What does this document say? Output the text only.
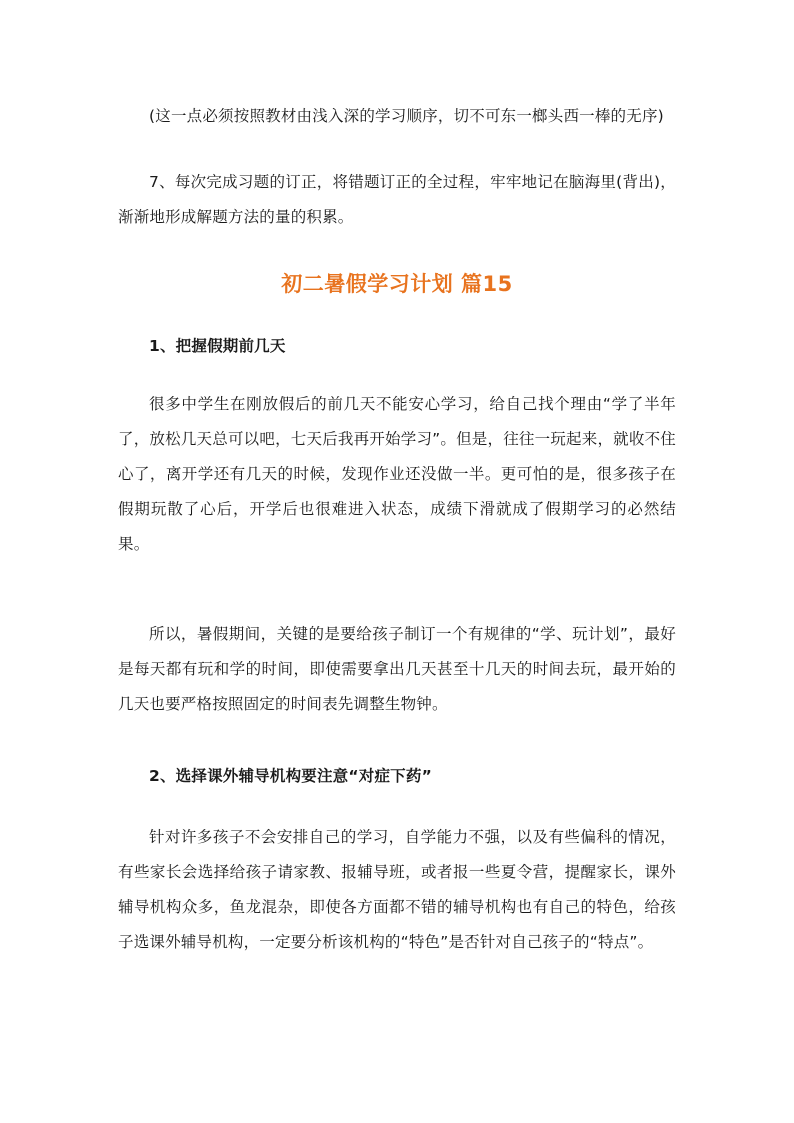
(这一点必须按照教材由浅入深的学习顺序，切不可东一榔头西一棒的无序)

7、每次完成习题的订正，将错题订正的全过程，牢牢地记在脑海里(背出)，渐渐地形成解题方法的量的积累。

初二暑假学习计划 篇15
1、把握假期前几天

很多中学生在刚放假后的前几天不能安心学习，给自己找个理由“学了半年了，放松几天总可以吧，七天后我再开始学习”。但是，往往一玩起来，就收不住心了，离开学还有几天的时候，发现作业还没做一半。更可怕的是，很多孩子在假期玩散了心后，开学后也很难进入状态，成绩下滑就成了假期学习的必然结果。

所以，暑假期间，关键的是要给孩子制订一个有规律的“学、玩计划”，最好是每天都有玩和学的时间，即使需要拿出几天甚至十几天的时间去玩，最开始的几天也要严格按照固定的时间表先调整生物钟。

2、选择课外辅导机构要注意“对症下药”

针对许多孩子不会安排自己的学习，自学能力不强，以及有些偏科的情况，有些家长会选择给孩子请家教、报辅导班，或者报一些夏令营，提醒家长，课外辅导机构众多，鱼龙混杂，即使各方面都不错的辅导机构也有自己的特色，给孩子选课外辅导机构，一定要分析该机构的“特色”是否针对自己孩子的“特点”。
